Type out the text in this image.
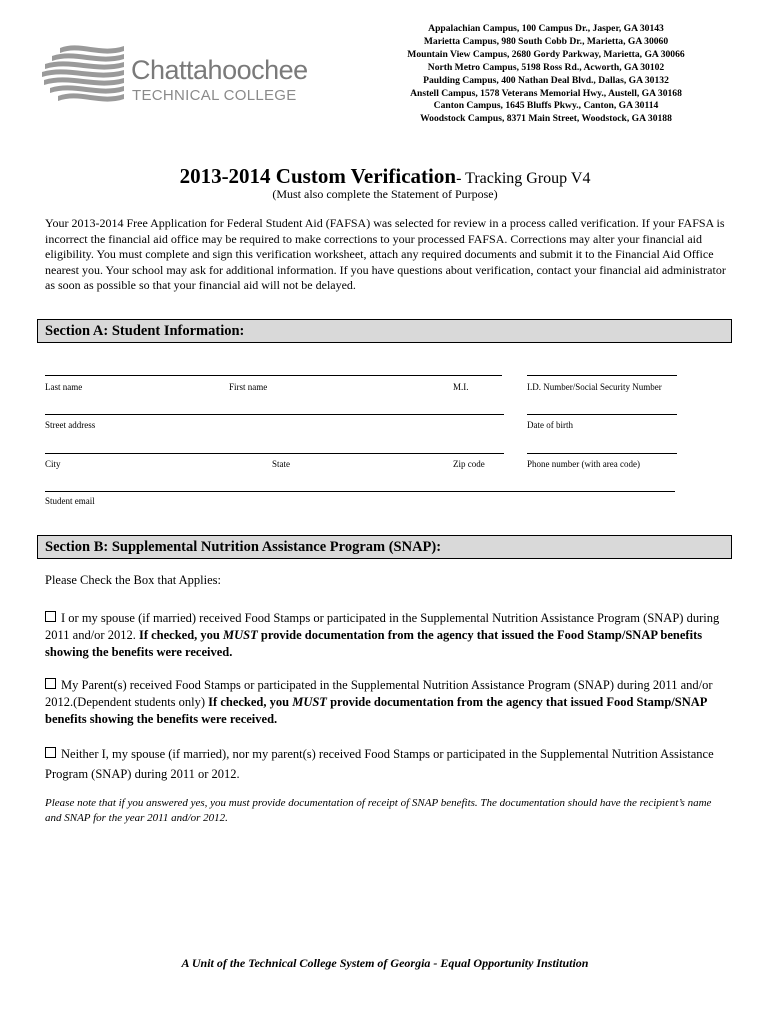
Chattahoochee
TECHNICAL COLLEGE
Appalachian Campus, 100 Campus Dr., Jasper, GA 30143
Marietta Campus, 980 South Cobb Dr., Marietta, GA 30060
Mountain View Campus, 2680 Gordy Parkway, Marietta, GA 30066
North Metro Campus, 5198 Ross Rd., Acworth, GA 30102
Paulding Campus, 400 Nathan Deal Blvd., Dallas, GA 30132
Anstell Campus, 1578 Veterans Memorial Hwy., Austell, GA 30168
Canton Campus, 1645 Bluffs Pkwy., Canton, GA 30114
Woodstock Campus, 8371 Main Street, Woodstock, GA 30188
2013-2014 Custom Verification- Tracking Group V4
(Must also complete the Statement of Purpose)
Your 2013-2014 Free Application for Federal Student Aid (FAFSA) was selected for review in a process called verification. If your FAFSA is incorrect the financial aid office may be required to make corrections to your processed FAFSA. Corrections may alter your financial aid eligibility. You must complete and sign this verification worksheet, attach any required documents and submit it to the Financial Aid Office nearest you. Your school may ask for additional information. If you have questions about verification, contact your financial aid administrator as soon as possible so that your financial aid will not be delayed.
Section A: Student Information:
Last name	First name	M.I.	I.D. Number/Social Security Number
Street address	Date of birth
City	State	Zip code	Phone number (with area code)
Student email
Section B: Supplemental Nutrition Assistance Program (SNAP):
Please Check the Box that Applies:
I or my spouse (if married) received Food Stamps or participated in the Supplemental Nutrition Assistance Program (SNAP) during 2011 and/or 2012. If checked, you MUST provide documentation from the agency that issued the Food Stamp/SNAP benefits showing the benefits were received.
My Parent(s) received Food Stamps or participated in the Supplemental Nutrition Assistance Program (SNAP) during 2011 and/or 2012.(Dependent students only) If checked, you MUST provide documentation from the agency that issued Food Stamp/SNAP benefits showing the benefits were received.
Neither I, my spouse (if married), nor my parent(s) received Food Stamps or participated in the Supplemental Nutrition Assistance Program (SNAP) during 2011 or 2012.
Please note that if you answered yes, you must provide documentation of receipt of SNAP benefits. The documentation should have the recipient’s name and SNAP for the year 2011 and/or 2012.
A Unit of the Technical College System of Georgia - Equal Opportunity Institution
